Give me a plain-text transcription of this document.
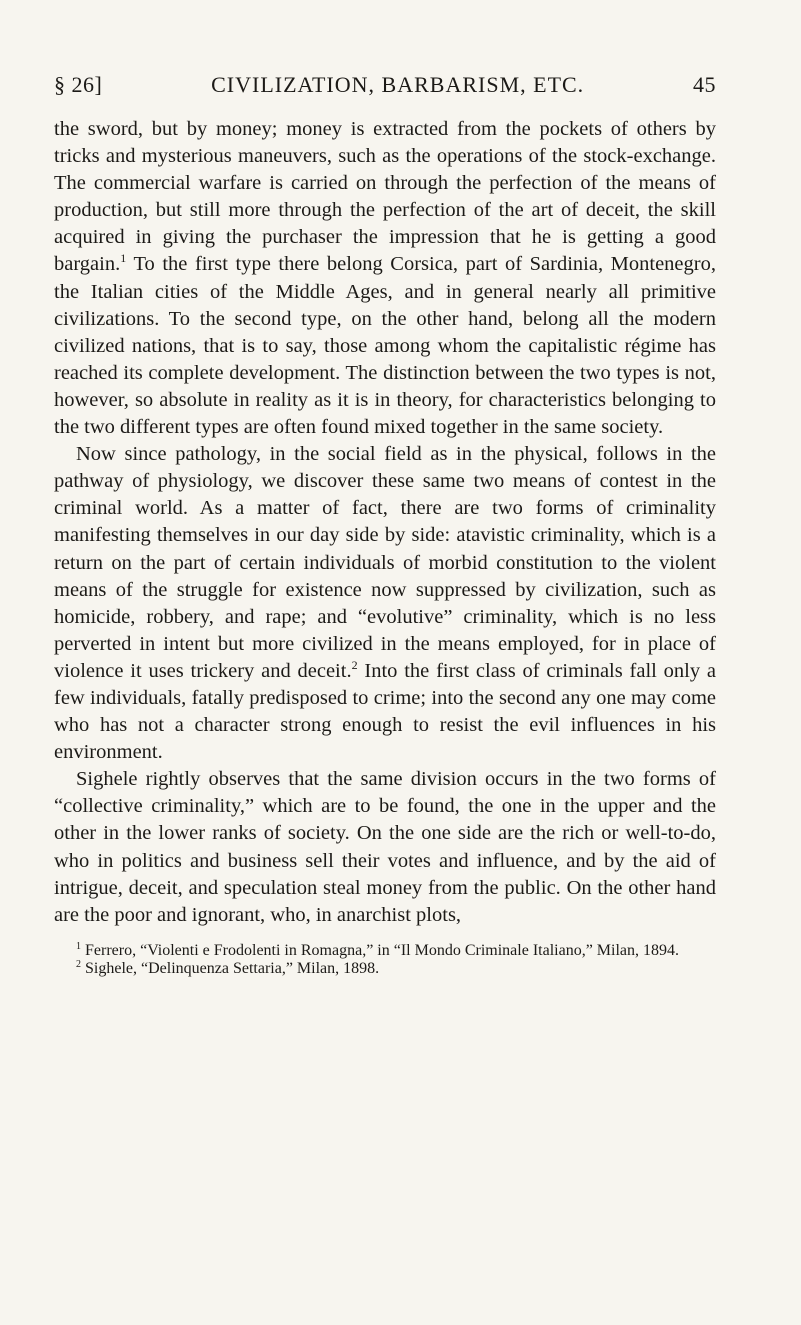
§ 26]	CIVILIZATION, BARBARISM, ETC.	45

the sword, but by money; money is extracted from the pockets of others by tricks and mysterious maneuvers, such as the operations of the stock-exchange. The commercial warfare is carried on through the perfection of the means of production, but still more through the perfection of the art of deceit, the skill acquired in giving the purchaser the impression that he is getting a good bargain.$^1$ To the first type there belong Corsica, part of Sardinia, Montenegro, the Italian cities of the Middle Ages, and in general nearly all primitive civilizations. To the second type, on the other hand, belong all the modern civilized nations, that is to say, those among whom the capitalistic régime has reached its complete development. The distinction between the two types is not, however, so absolute in reality as it is in theory, for characteristics belonging to the two different types are often found mixed together in the same society.

Now since pathology, in the social field as in the physical, follows in the pathway of physiology, we discover these same two means of contest in the criminal world. As a matter of fact, there are two forms of criminality manifesting themselves in our day side by side: atavistic criminality, which is a return on the part of certain individuals of morbid constitution to the violent means of the struggle for existence now suppressed by civilization, such as homicide, robbery, and rape; and “evolutive” criminality, which is no less perverted in intent but more civilized in the means employed, for in place of violence it uses trickery and deceit.$^2$ Into the first class of criminals fall only a few individuals, fatally predisposed to crime; into the second any one may come who has not a character strong enough to resist the evil influences in his environment.

Sighele rightly observes that the same division occurs in the two forms of “collective criminality,” which are to be found, the one in the upper and the other in the lower ranks of society. On the one side are the rich or well-to-do, who in politics and business sell their votes and influence, and by the aid of intrigue, deceit, and speculation steal money from the public. On the other hand are the poor and ignorant, who, in anarchist plots,

$^1$ Ferrero, “Violenti e Frodolenti in Romagna,” in “Il Mondo Criminale Italiano,” Milan, 1894.

$^2$ Sighele, “Delinquenza Settaria,” Milan, 1898.
